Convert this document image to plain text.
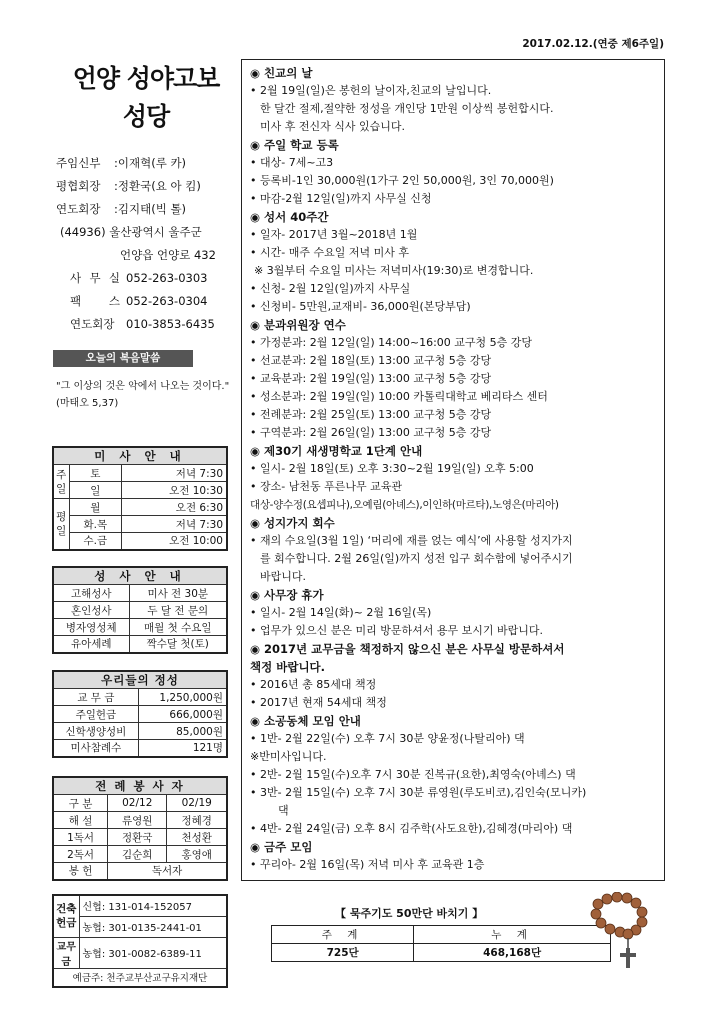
2017.02.12.(연중 제6주일)
언양 성야고보
성당
주임신부	:이재혁(루 카)
평협회장	:정환국(요 아 킴)
연도회장	:김지태(빅 톨)
(44936) 울산광역시 울주군
언양읍 언양로 432
사 무 실 052-263-0303
팩 스 052-263-0304
연도회장	010-3853-6435
오늘의 복음말씀
"그 이상의 것은 악에서 나오는 것이다." (마태오 5,37)
미 사 안 내		
주일	토	저녁 7:30
	일	오전 10:30
평일	월	오전 6:30
	화.목	저녁 7:30
	수.금	오전 10:00
성 사 안 내	
고해성사	미사 전 30분
혼인성사	두 달 전 문의
병자영성체	매월 첫 수요일
유아세례	짝수달 첫(토)
우리들의 정성	
교 무 금	1,250,000원
주일헌금	666,000원
신학생양성비	85,000원
미사참례수	121명
전 례 봉 사 자		
구 분	02/12	02/19
해 설	류영원	정혜경
1독서	정환국	천성환
2독서	김순희	홍영애
봉 헌	독서자	
건축
헌금	신협: 131-014-152057
	농협: 301-0135-2441-01
교무금	농협: 301-0082-6389-11
예금주: 천주교부산교구유지재단	
◉ 친교의 날
• 2월 19일(일)은 봉헌의 날이자,친교의 날입니다.
한 달간 절제,절약한 정성을 개인당 1만원 이상씩 봉헌합시다.
미사 후 전신자 식사 있습니다.
◉ 주일 학교 등록
• 대상- 7세~고3
• 등록비-1인 30,000원(1가구 2인 50,000원, 3인 70,000원)
• 마감-2월 12일(일)까지 사무실 신청
◉ 성서 40주간
• 일자- 2017년 3월~2018년 1월
• 시간- 매주 수요일 저녁 미사 후
※ 3월부터 수요일 미사는 저녁미사(19:30)로 변경합니다.
• 신청- 2월 12일(일)까지 사무실
• 신청비- 5만원,교재비- 36,000원(본당부담)
◉ 분과위원장 연수
• 가정분과: 2월 12일(일) 14:00~16:00 교구청 5층 강당
• 선교분과: 2월 18일(토) 13:00 교구청 5층 강당
• 교육분과: 2월 19일(일) 13:00 교구청 5층 강당
• 성소분과: 2월 19일(일) 10:00 카톨릭대학교 베리타스 센터
• 전례분과: 2월 25일(토) 13:00 교구청 5층 강당
• 구역분과: 2월 26일(일) 13:00 교구청 5층 강당
◉ 제30기 새생명학교 1단계 안내
• 일시- 2월 18일(토) 오후 3:30~2월 19일(일) 오후 5:00
• 장소- 남천동 푸른나무 교육관
대상-양수정(요셉피나),오예림(아녜스),이인하(마르타),노영은(마리아)
◉ 성지가지 회수
• 재의 수요일(3월 1일) ‘머리에 재를 얹는 예식’에 사용할 성지가지
를 회수합니다. 2월 26일(일)까지 성전 입구 회수함에 넣어주시기
바랍니다.
◉ 사무장 휴가
• 일시- 2월 14일(화)~ 2월 16일(목)
• 업무가 있으신 분은 미리 방문하셔서 용무 보시기 바랍니다.
◉ 2017년 교무금을 책정하지 않으신 분은 사무실 방문하셔서
책정 바랍니다.
• 2016년 총 85세대 책정
• 2017년 현재 54세대 책정
◉ 소공동체 모임 안내
• 1반- 2월 22일(수) 오후 7시 30분 양윤정(나탈리아) 댁
※반미사입니다.
• 2반- 2월 15일(수)오후 7시 30분 진복규(요한),최영숙(아녜스) 댁
• 3반- 2월 15일(수) 오후 7시 30분 류영원(루도비코),김인숙(모니카)
댁
• 4반- 2월 24일(금) 오후 8시 김주학(사도요한),김혜경(마리아) 댁
◉ 금주 모임
• 꾸리아- 2월 16일(목) 저녁 미사 후 교육관 1층
【 묵주기도 50만단 바치기 】
주 계	누 계
725단	468,168단
